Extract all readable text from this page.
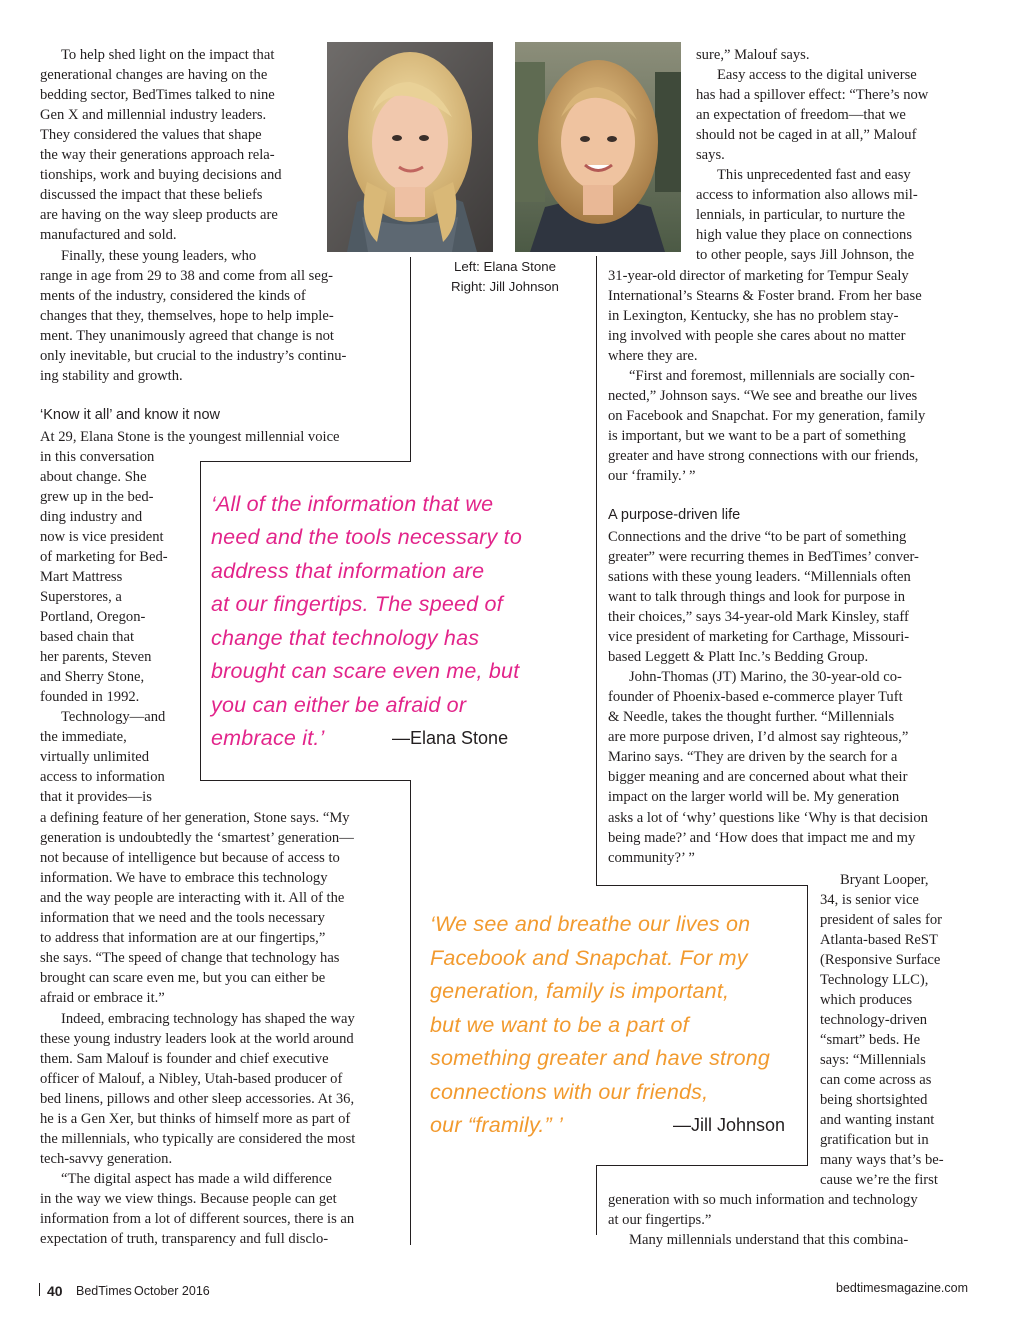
Left: Elana Stone
Right: Jill Johnson
To help shed light on the impact that
generational changes are having on the
bedding sector, BedTimes talked to nine
Gen X and millennial industry leaders.
They considered the values that shape
the way their generations approach rela-
tionships, work and buying decisions and
discussed the impact that these beliefs
are having on the way sleep products are
manufactured and sold.
Finally, these young leaders, who
range in age from 29 to 38 and come from all seg-
ments of the industry, considered the kinds of
changes that they, themselves, hope to help imple-
ment. They unanimously agreed that change is not
only inevitable, but crucial to the industry’s continu-
ing stability and growth.
‘Know it all’ and know it now
At 29, Elana Stone is the youngest millennial voice
in this conversation
about change. She
grew up in the bed-
ding industry and
now is vice president
of marketing for Bed-
Mart Mattress
Superstores, a
Portland, Oregon-
based chain that
her parents, Steven
and Sherry Stone,
founded in 1992.
Technology—and
the immediate,
virtually unlimited
access to information
that it provides—is
a defining feature of her generation, Stone says. “My
generation is undoubtedly the ‘smartest’ generation—
not because of intelligence but because of access to
information. We have to embrace this technology
and the way people are interacting with it. All of the
information that we need and the tools necessary
to address that information are at our fingertips,”
she says. “The speed of change that technology has
brought can scare even me, but you can either be
afraid or embrace it.”
Indeed, embracing technology has shaped the way
these young industry leaders look at the world around
them. Sam Malouf is founder and chief executive
officer of Malouf, a Nibley, Utah-based producer of
bed linens, pillows and other sleep accessories. At 36,
he is a Gen Xer, but thinks of himself more as part of
the millennials, who typically are considered the most
tech-savvy generation.
“The digital aspect has made a wild difference
in the way we view things. Because people can get
information from a lot of different sources, there is an
expectation of truth, transparency and full disclo-
‘All of the information that we
need and the tools necessary to
address that information are
at our fingertips. The speed of
change that technology has
brought can scare even me, but
you can either be afraid or
embrace it.’	—Elana Stone
sure,” Malouf says.
Easy access to the digital universe
has had a spillover effect: “There’s now
an expectation of freedom—that we
should not be caged in at all,” Malouf
says.
This unprecedented fast and easy
access to information also allows mil-
lennials, in particular, to nurture the
high value they place on connections
to other people, says Jill Johnson, the
31-year-old director of marketing for Tempur Sealy
International’s Stearns & Foster brand. From her base
in Lexington, Kentucky, she has no problem stay-
ing involved with people she cares about no matter
where they are.
“First and foremost, millennials are socially con-
nected,” Johnson says. “We see and breathe our lives
on Facebook and Snapchat. For my generation, family
is important, but we want to be a part of something
greater and have strong connections with our friends,
our ‘framily.’ ”
A purpose-driven life
Connections and the drive “to be part of something
greater” were recurring themes in BedTimes’ conver-
sations with these young leaders. “Millennials often
want to talk through things and look for purpose in
their choices,” says 34-year-old Mark Kinsley, staff
vice president of marketing for Carthage, Missouri-
based Leggett & Platt Inc.’s Bedding Group.
John-Thomas (JT) Marino, the 30-year-old co-
founder of Phoenix-based e-commerce player Tuft
& Needle, takes the thought further. “Millennials
are more purpose driven, I’d almost say righteous,”
Marino says. “They are driven by the search for a
bigger meaning and are concerned about what their
impact on the larger world will be. My generation
asks a lot of ‘why’ questions like ‘Why is that decision
being made?’ and ‘How does that impact me and my
community?’ ”
Bryant Looper,
34, is senior vice
president of sales for
Atlanta-based ReST
(Responsive Surface
Technology LLC),
which produces
technology-driven
“smart” beds. He
says: “Millennials
can come across as
being shortsighted
and wanting instant
gratification but in
many ways that’s be-
cause we’re the first
generation with so much information and technology
at our fingertips.”
Many millennials understand that this combina-
‘We see and breathe our lives on
Facebook and Snapchat. For my
generation, family is important,
but we want to be a part of
something greater and have strong
connections with our friends,
our “framily.” ’	—Jill Johnson
40 BedTimes October 2016	bedtimesmagazine.com
